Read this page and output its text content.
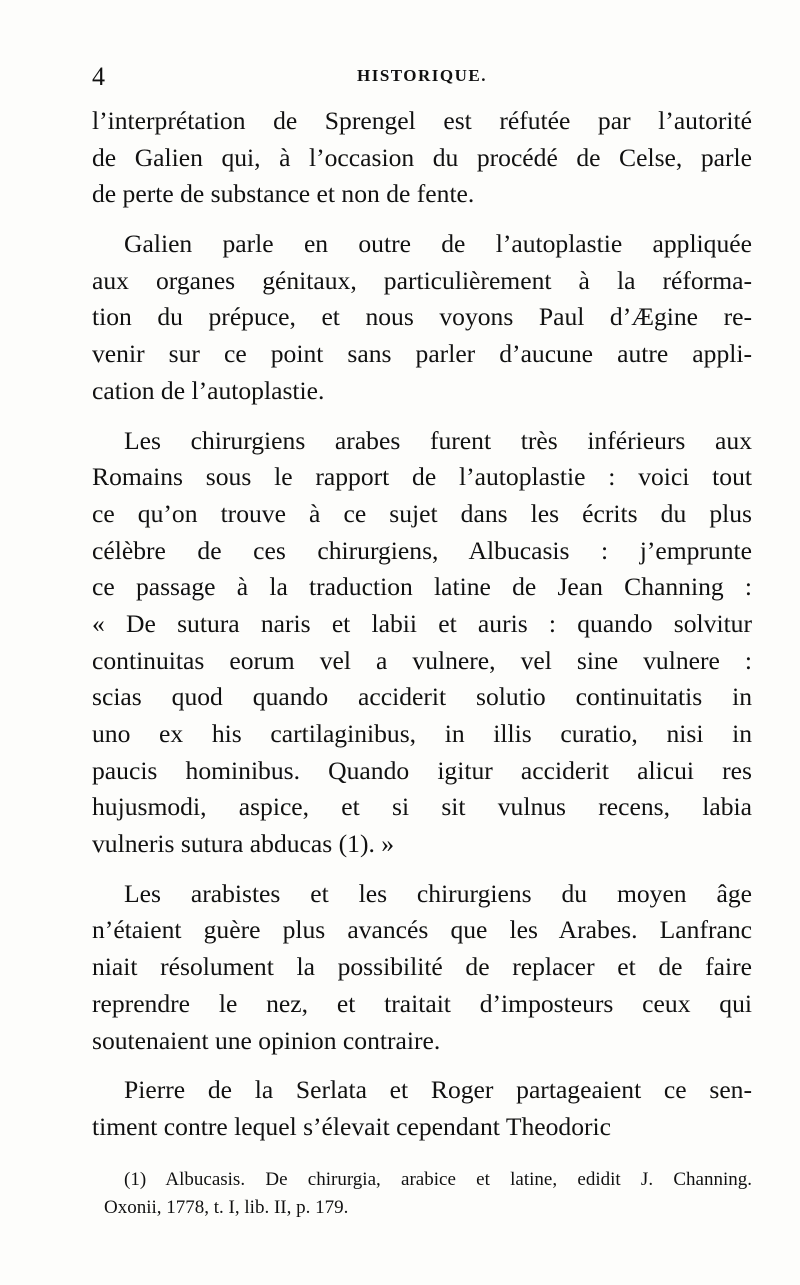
4	HISTORIQUE.
l’interprétation de Sprengel est réfutée par l’autorité
de Galien qui, à l’occasion du procédé de Celse, parle
de perte de substance et non de fente.
Galien parle en outre de l’autoplastie appliquée
aux organes génitaux, particulièrement à la réforma-
tion du prépuce, et nous voyons Paul d’Ægine re-
venir sur ce point sans parler d’aucune autre appli-
cation de l’autoplastie.
Les chirurgiens arabes furent très inférieurs aux
Romains sous le rapport de l’autoplastie : voici tout
ce qu’on trouve à ce sujet dans les écrits du plus
célèbre de ces chirurgiens, Albucasis : j’emprunte
ce passage à la traduction latine de Jean Channing :
« De sutura naris et labii et auris : quando solvitur
continuitas eorum vel a vulnere, vel sine vulnere :
scias quod quando acciderit solutio continuitatis in
uno ex his cartilaginibus, in illis curatio, nisi in
paucis hominibus. Quando igitur acciderit alicui res
hujusmodi, aspice, et si sit vulnus recens, labia
vulneris sutura abducas (1). »
Les arabistes et les chirurgiens du moyen âge
n’étaient guère plus avancés que les Arabes. Lanfranc
niait résolument la possibilité de replacer et de faire
reprendre le nez, et traitait d’imposteurs ceux qui
soutenaient une opinion contraire.
Pierre de la Serlata et Roger partageaient ce sen-
timent contre lequel s’élevait cependant Theodoric
(1) Albucasis. De chirurgia, arabice et latine, edidit J. Channing.
Oxonii, 1778, t. I, lib. II, p. 179.
